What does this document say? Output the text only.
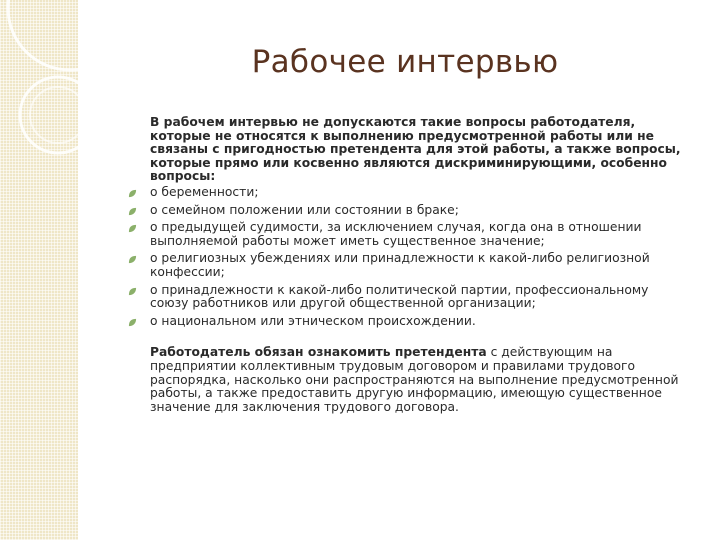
Рабочее интервью

В рабочем интервью не допускаются такие вопросы работодателя, которые не относятся к выполнению предусмотренной работы или не связаны с пригодностью претендента для этой работы, а также вопросы, которые прямо или косвенно являются дискриминирующими, особенно вопросы:

о беременности;
о семейном положении или состоянии в браке;
о предыдущей судимости, за исключением случая, когда она в отношении выполняемой работы может иметь существенное значение;
о религиозных убеждениях или принадлежности к какой-либо религиозной конфессии;
о принадлежности к какой-либо политической партии, профессиональному союзу работников или другой общественной организации;
о национальном или этническом происхождении.

Работодатель обязан ознакомить претендента с действующим на предприятии коллективным трудовым договором и правилами трудового распорядка, насколько они распространяются на выполнение предусмотренной работы, а также предоставить другую информацию, имеющую существенное значение для заключения трудового договора.
